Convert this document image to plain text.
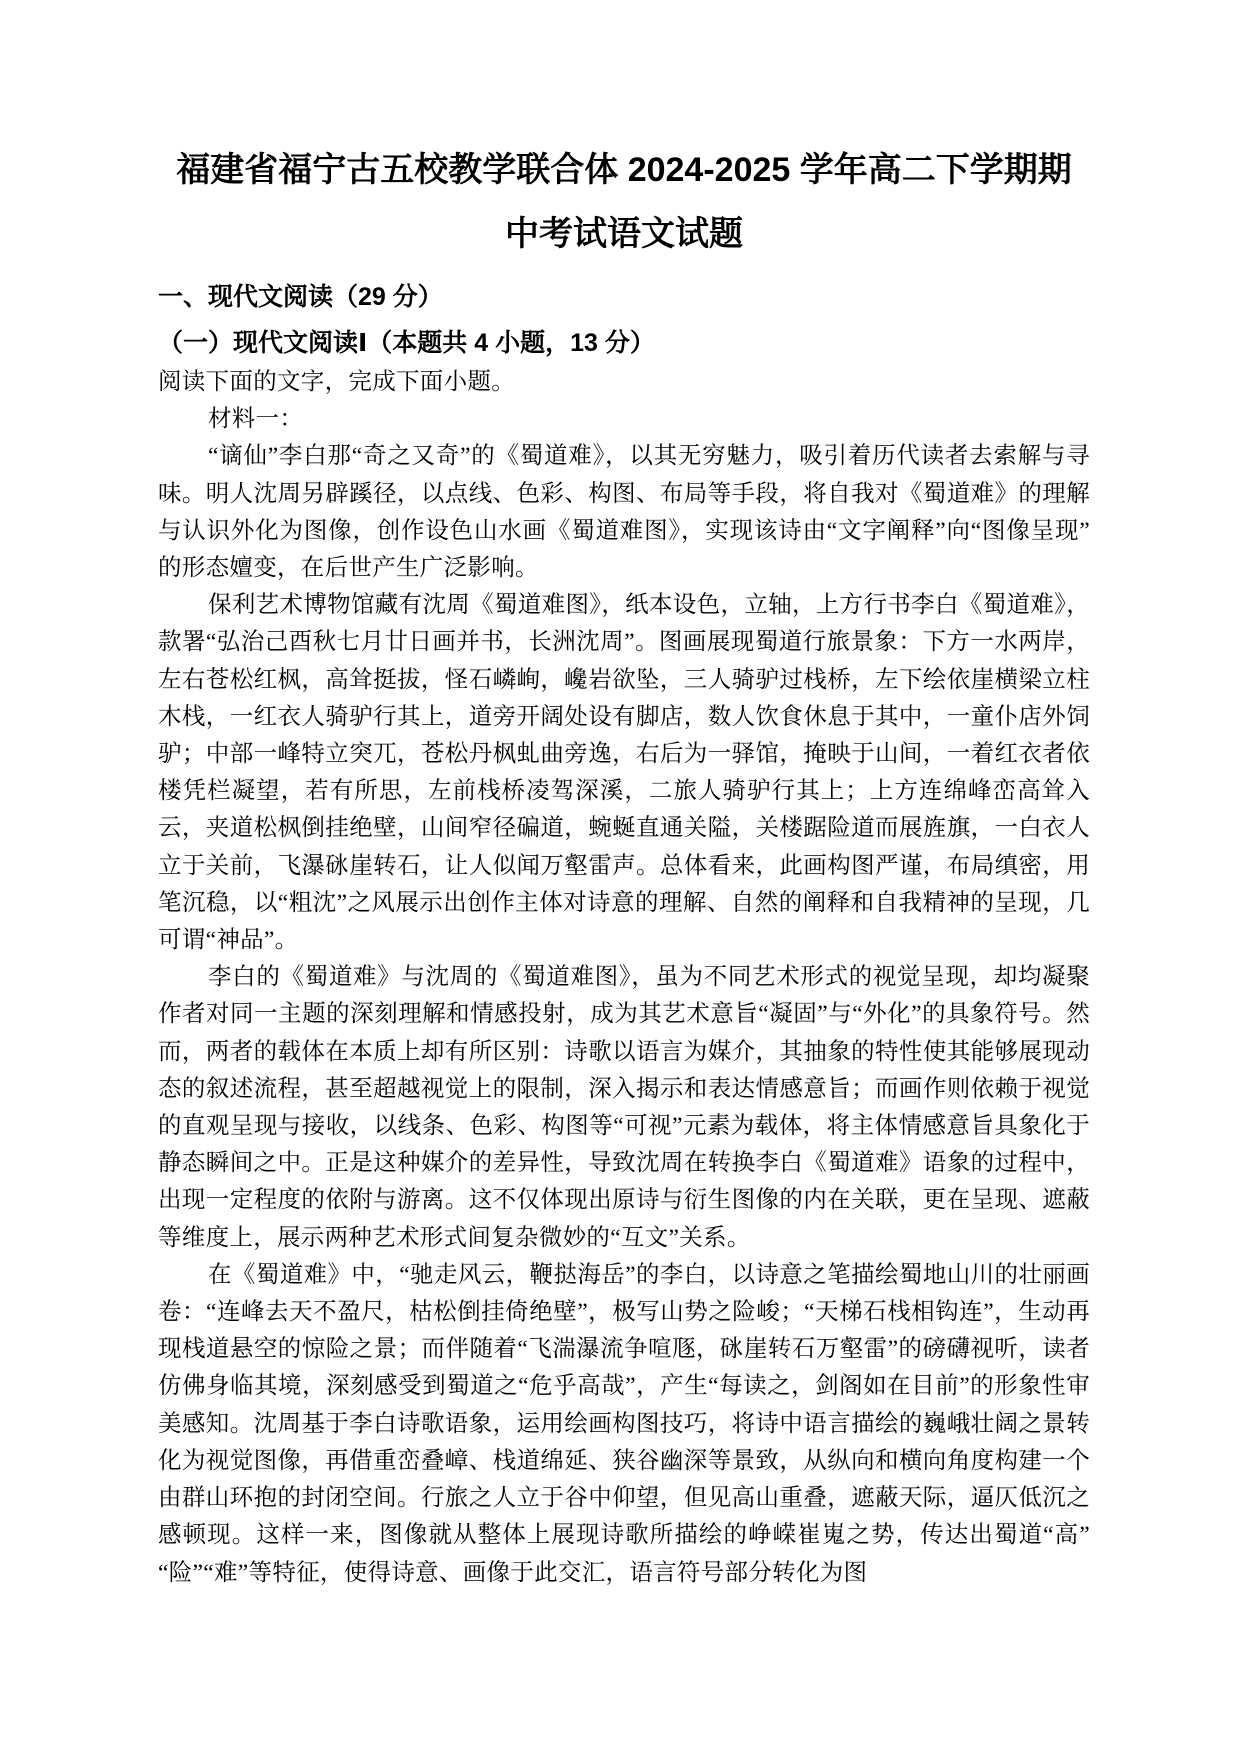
福建省福宁古五校教学联合体 2024-2025 学年高二下学期期
中考试语文试题
一、现代文阅读（29 分）
（一）现代文阅读Ⅰ（本题共 4 小题，13 分）

阅读下面的文字，完成下面小题。

材料一：

“谪仙”李白那“奇之又奇”的《蜀道难》，以其无穷魅力，吸引着历代读者去索解与寻味。明人沈周另辟蹊径，以点线、色彩、构图、布局等手段，将自我对《蜀道难》的理解与认识外化为图像，创作设色山水画《蜀道难图》，实现该诗由“文字阐释”向“图像呈现”的形态嬗变，在后世产生广泛影响。

保利艺术博物馆藏有沈周《蜀道难图》，纸本设色，立轴，上方行书李白《蜀道难》，款署“弘治己酉秋七月廿日画并书，长洲沈周”。图画展现蜀道行旅景象：下方一水两岸，左右苍松红枫，高耸挺拔，怪石嶙峋，巉岩欲坠，三人骑驴过栈桥，左下绘依崖横梁立柱木栈，一红衣人骑驴行其上，道旁开阔处设有脚店，数人饮食休息于其中，一童仆店外饲驴；中部一峰特立突兀，苍松丹枫虬曲旁逸，右后为一驿馆，掩映于山间，一着红衣者依楼凭栏凝望，若有所思，左前栈桥凌驾深溪，二旅人骑驴行其上；上方连绵峰峦高耸入云，夹道松枫倒挂绝壁，山间窄径碥道，蜿蜒直通关隘，关楼踞险道而展旌旗，一白衣人立于关前，飞瀑砯崖转石，让人似闻万壑雷声。总体看来，此画构图严谨，布局缜密，用笔沉稳，以“粗沈”之风展示出创作主体对诗意的理解、自然的阐释和自我精神的呈现，几可谓“神品”。

李白的《蜀道难》与沈周的《蜀道难图》，虽为不同艺术形式的视觉呈现，却均凝聚作者对同一主题的深刻理解和情感投射，成为其艺术意旨“凝固”与“外化”的具象符号。然而，两者的载体在本质上却有所区别：诗歌以语言为媒介，其抽象的特性使其能够展现动态的叙述流程，甚至超越视觉上的限制，深入揭示和表达情感意旨；而画作则依赖于视觉的直观呈现与接收，以线条、色彩、构图等“可视”元素为载体，将主体情感意旨具象化于静态瞬间之中。正是这种媒介的差异性，导致沈周在转换李白《蜀道难》语象的过程中，出现一定程度的依附与游离。这不仅体现出原诗与衍生图像的内在关联，更在呈现、遮蔽等维度上，展示两种艺术形式间复杂微妙的“互文”关系。

在《蜀道难》中，“驰走风云，鞭挞海岳”的李白，以诗意之笔描绘蜀地山川的壮丽画卷：“连峰去天不盈尺，枯松倒挂倚绝壁”，极写山势之险峻；“天梯石栈相钩连”，生动再现栈道悬空的惊险之景；而伴随着“飞湍瀑流争喧豗，砯崖转石万壑雷”的磅礴视听，读者仿佛身临其境，深刻感受到蜀道之“危乎高哉”，产生“每读之，剑阁如在目前”的形象性审美感知。沈周基于李白诗歌语象，运用绘画构图技巧，将诗中语言描绘的巍峨壮阔之景转化为视觉图像，再借重峦叠嶂、栈道绵延、狭谷幽深等景致，从纵向和横向角度构建一个由群山环抱的封闭空间。行旅之人立于谷中仰望，但见高山重叠，遮蔽天际，逼仄低沉之感顿现。这样一来，图像就从整体上展现诗歌所描绘的峥嵘崔嵬之势，传达出蜀道“高”“险”“难”等特征，使得诗意、画像于此交汇，语言符号部分转化为图
